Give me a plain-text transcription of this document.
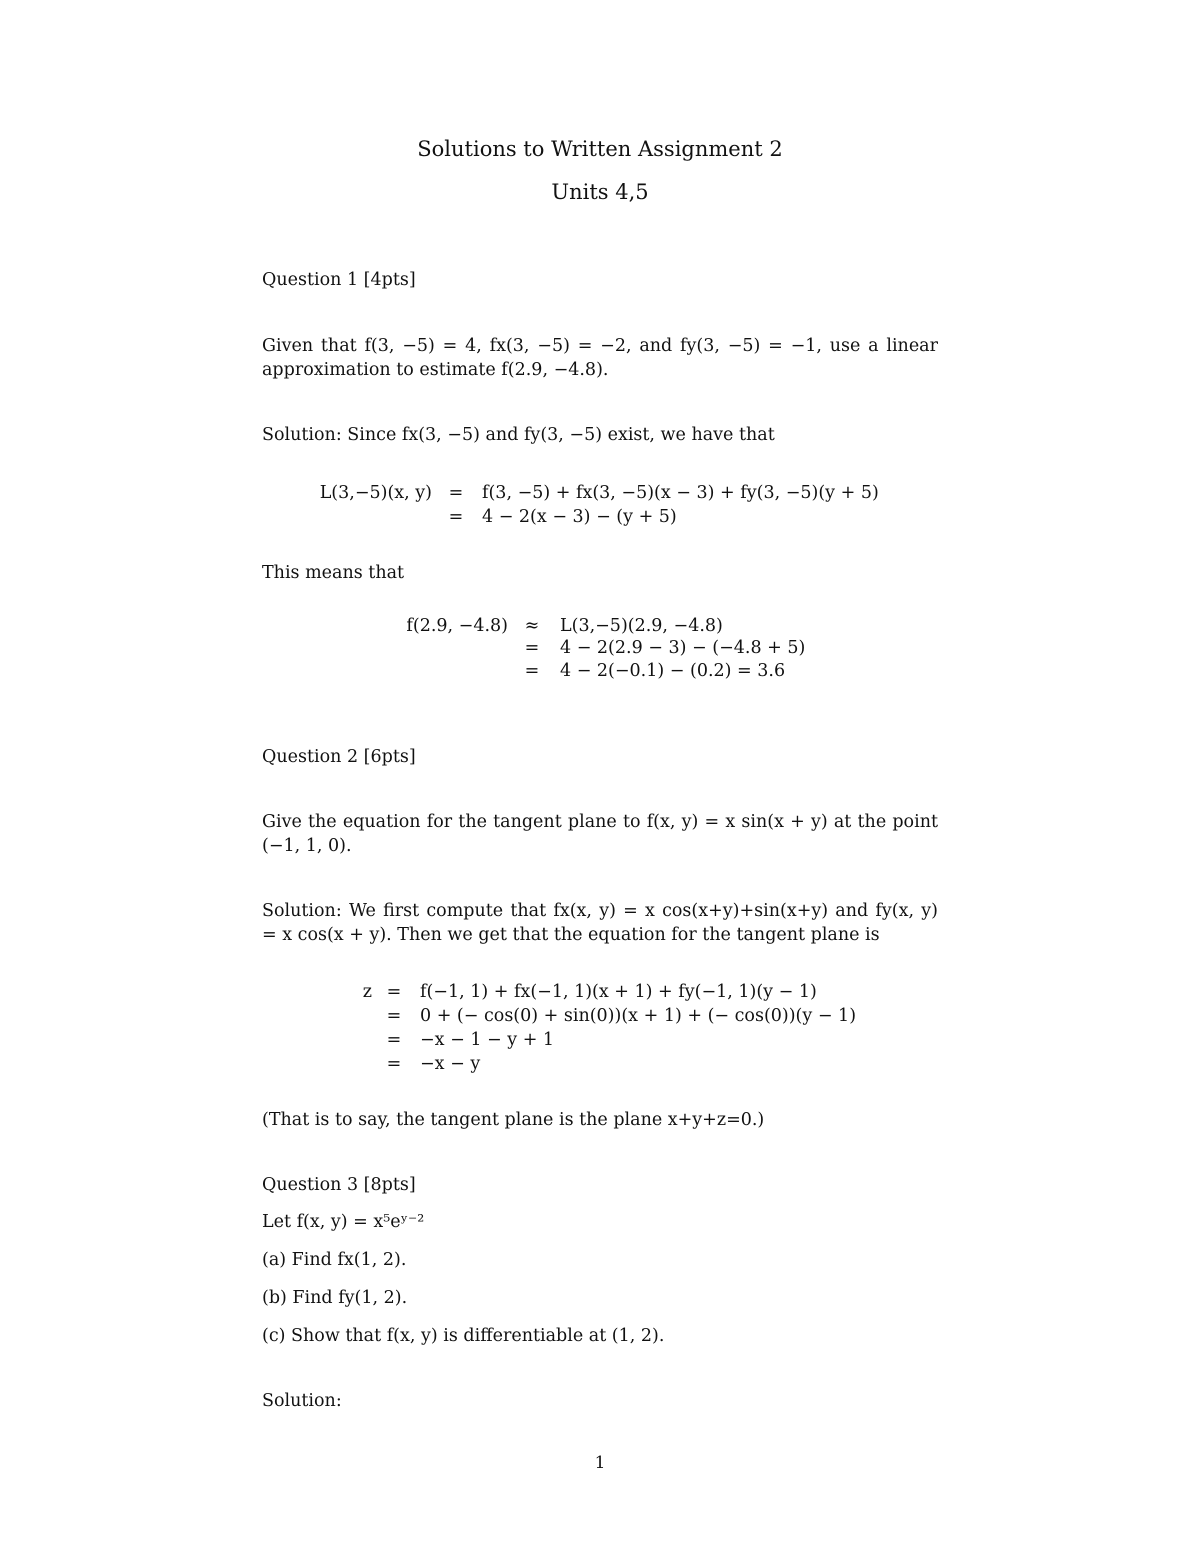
Solutions to Written Assignment 2
Units 4,5
Question 1 [4pts]
Given that f(3, −5) = 4, fx(3, −5) = −2, and fy(3, −5) = −1, use a linear approximation to estimate f(2.9, −4.8).
Solution: Since fx(3, −5) and fy(3, −5) exist, we have that
L(3,−5)(x, y) =	f(3, −5) + fx(3, −5)(x − 3) + fy(3, −5)(y + 5)
=	4 − 2(x − 3) − (y + 5)
This means that
f(2.9, −4.8) ≈	L(3,−5)(2.9, −4.8)
=	4 − 2(2.9 − 3) − (−4.8 + 5)
=	4 − 2(−0.1) − (0.2) = 3.6
Question 2 [6pts]
Give the equation for the tangent plane to f(x, y) = x sin(x + y) at the point (−1, 1, 0).
Solution: We first compute that fx(x, y) = x cos(x+y)+sin(x+y) and fy(x, y) = x cos(x + y). Then we get that the equation for the tangent plane is
z =	f(−1, 1) + fx(−1, 1)(x + 1) + fy(−1, 1)(y − 1)
=	0 + (− cos(0) + sin(0))(x + 1) + (− cos(0))(y − 1)
=	−x − 1 − y + 1
=	−x − y
(That is to say, the tangent plane is the plane x+y+z=0.)
Question 3 [8pts]
Let f(x, y) = x⁵eʸ⁻²
(a) Find fx(1, 2).
(b) Find fy(1, 2).
(c) Show that f(x, y) is differentiable at (1, 2).
Solution:
1
